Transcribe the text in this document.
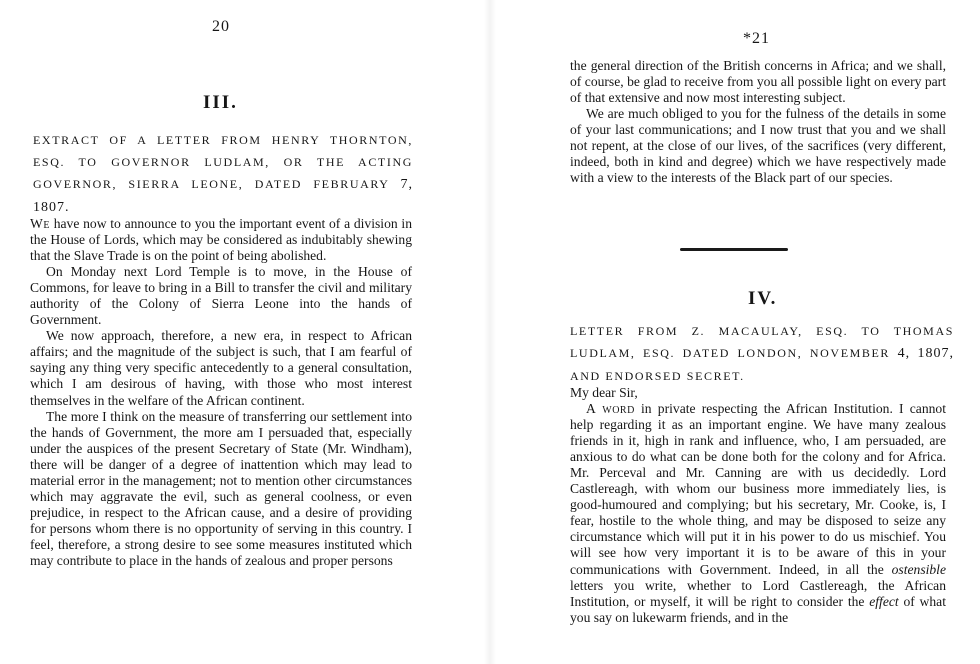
20
III.

EXTRACT OF A LETTER FROM HENRY THORNTON, ESQ. TO GOVERNOR LUDLAM, OR THE ACTING GOVERNOR, SIERRA LEONE, DATED FEBRUARY 7, 1807.

We have now to announce to you the important event of a division in the House of Lords, which may be considered as indubitably shewing that the Slave Trade is on the point of being abolished.

On Monday next Lord Temple is to move, in the House of Commons, for leave to bring in a Bill to transfer the civil and military authority of the Colony of Sierra Leone into the hands of Government.

We now approach, therefore, a new era, in respect to African affairs; and the magnitude of the subject is such, that I am fearful of saying any thing very specific antecedently to a general consultation, which I am desirous of having, with those who most interest themselves in the welfare of the African continent.

The more I think on the measure of transferring our settlement into the hands of Government, the more am I persuaded that, especially under the auspices of the present Secretary of State (Mr. Windham), there will be danger of a degree of inattention which may lead to material error in the management; not to mention other circumstances which may aggravate the evil, such as general coolness, or even prejudice, in respect to the African cause, and a desire of providing for persons whom there is no opportunity of serving in this country. I feel, therefore, a strong desire to see some measures instituted which may contribute to place in the hands of zealous and proper persons

*21

the general direction of the British concerns in Africa; and we shall, of course, be glad to receive from you all possible light on every part of that extensive and now most interesting subject.

We are much obliged to you for the fulness of the details in some of your last communications; and I now trust that you and we shall not repent, at the close of our lives, of the sacrifices (very different, indeed, both in kind and degree) which we have respectively made with a view to the interests of the Black part of our species.

IV.

LETTER FROM Z. MACAULAY, ESQ. TO THOMAS LUDLAM, ESQ. DATED LONDON, NOVEMBER 4, 1807, AND ENDORSED SECRET.

My dear Sir,

A word in private respecting the African Institution. I cannot help regarding it as an important engine. We have many zealous friends in it, high in rank and influence, who, I am persuaded, are anxious to do what can be done both for the colony and for Africa. Mr. Perceval and Mr. Canning are with us decidedly. Lord Castlereagh, with whom our business more immediately lies, is good-humoured and complying; but his secretary, Mr. Cooke, is, I fear, hostile to the whole thing, and may be disposed to seize any circumstance which will put it in his power to do us mischief. You will see how very important it is to be aware of this in your communications with Government. Indeed, in all the ostensible letters you write, whether to Lord Castlereagh, the African Institution, or myself, it will be right to consider the effect of what you say on lukewarm friends, and in the
